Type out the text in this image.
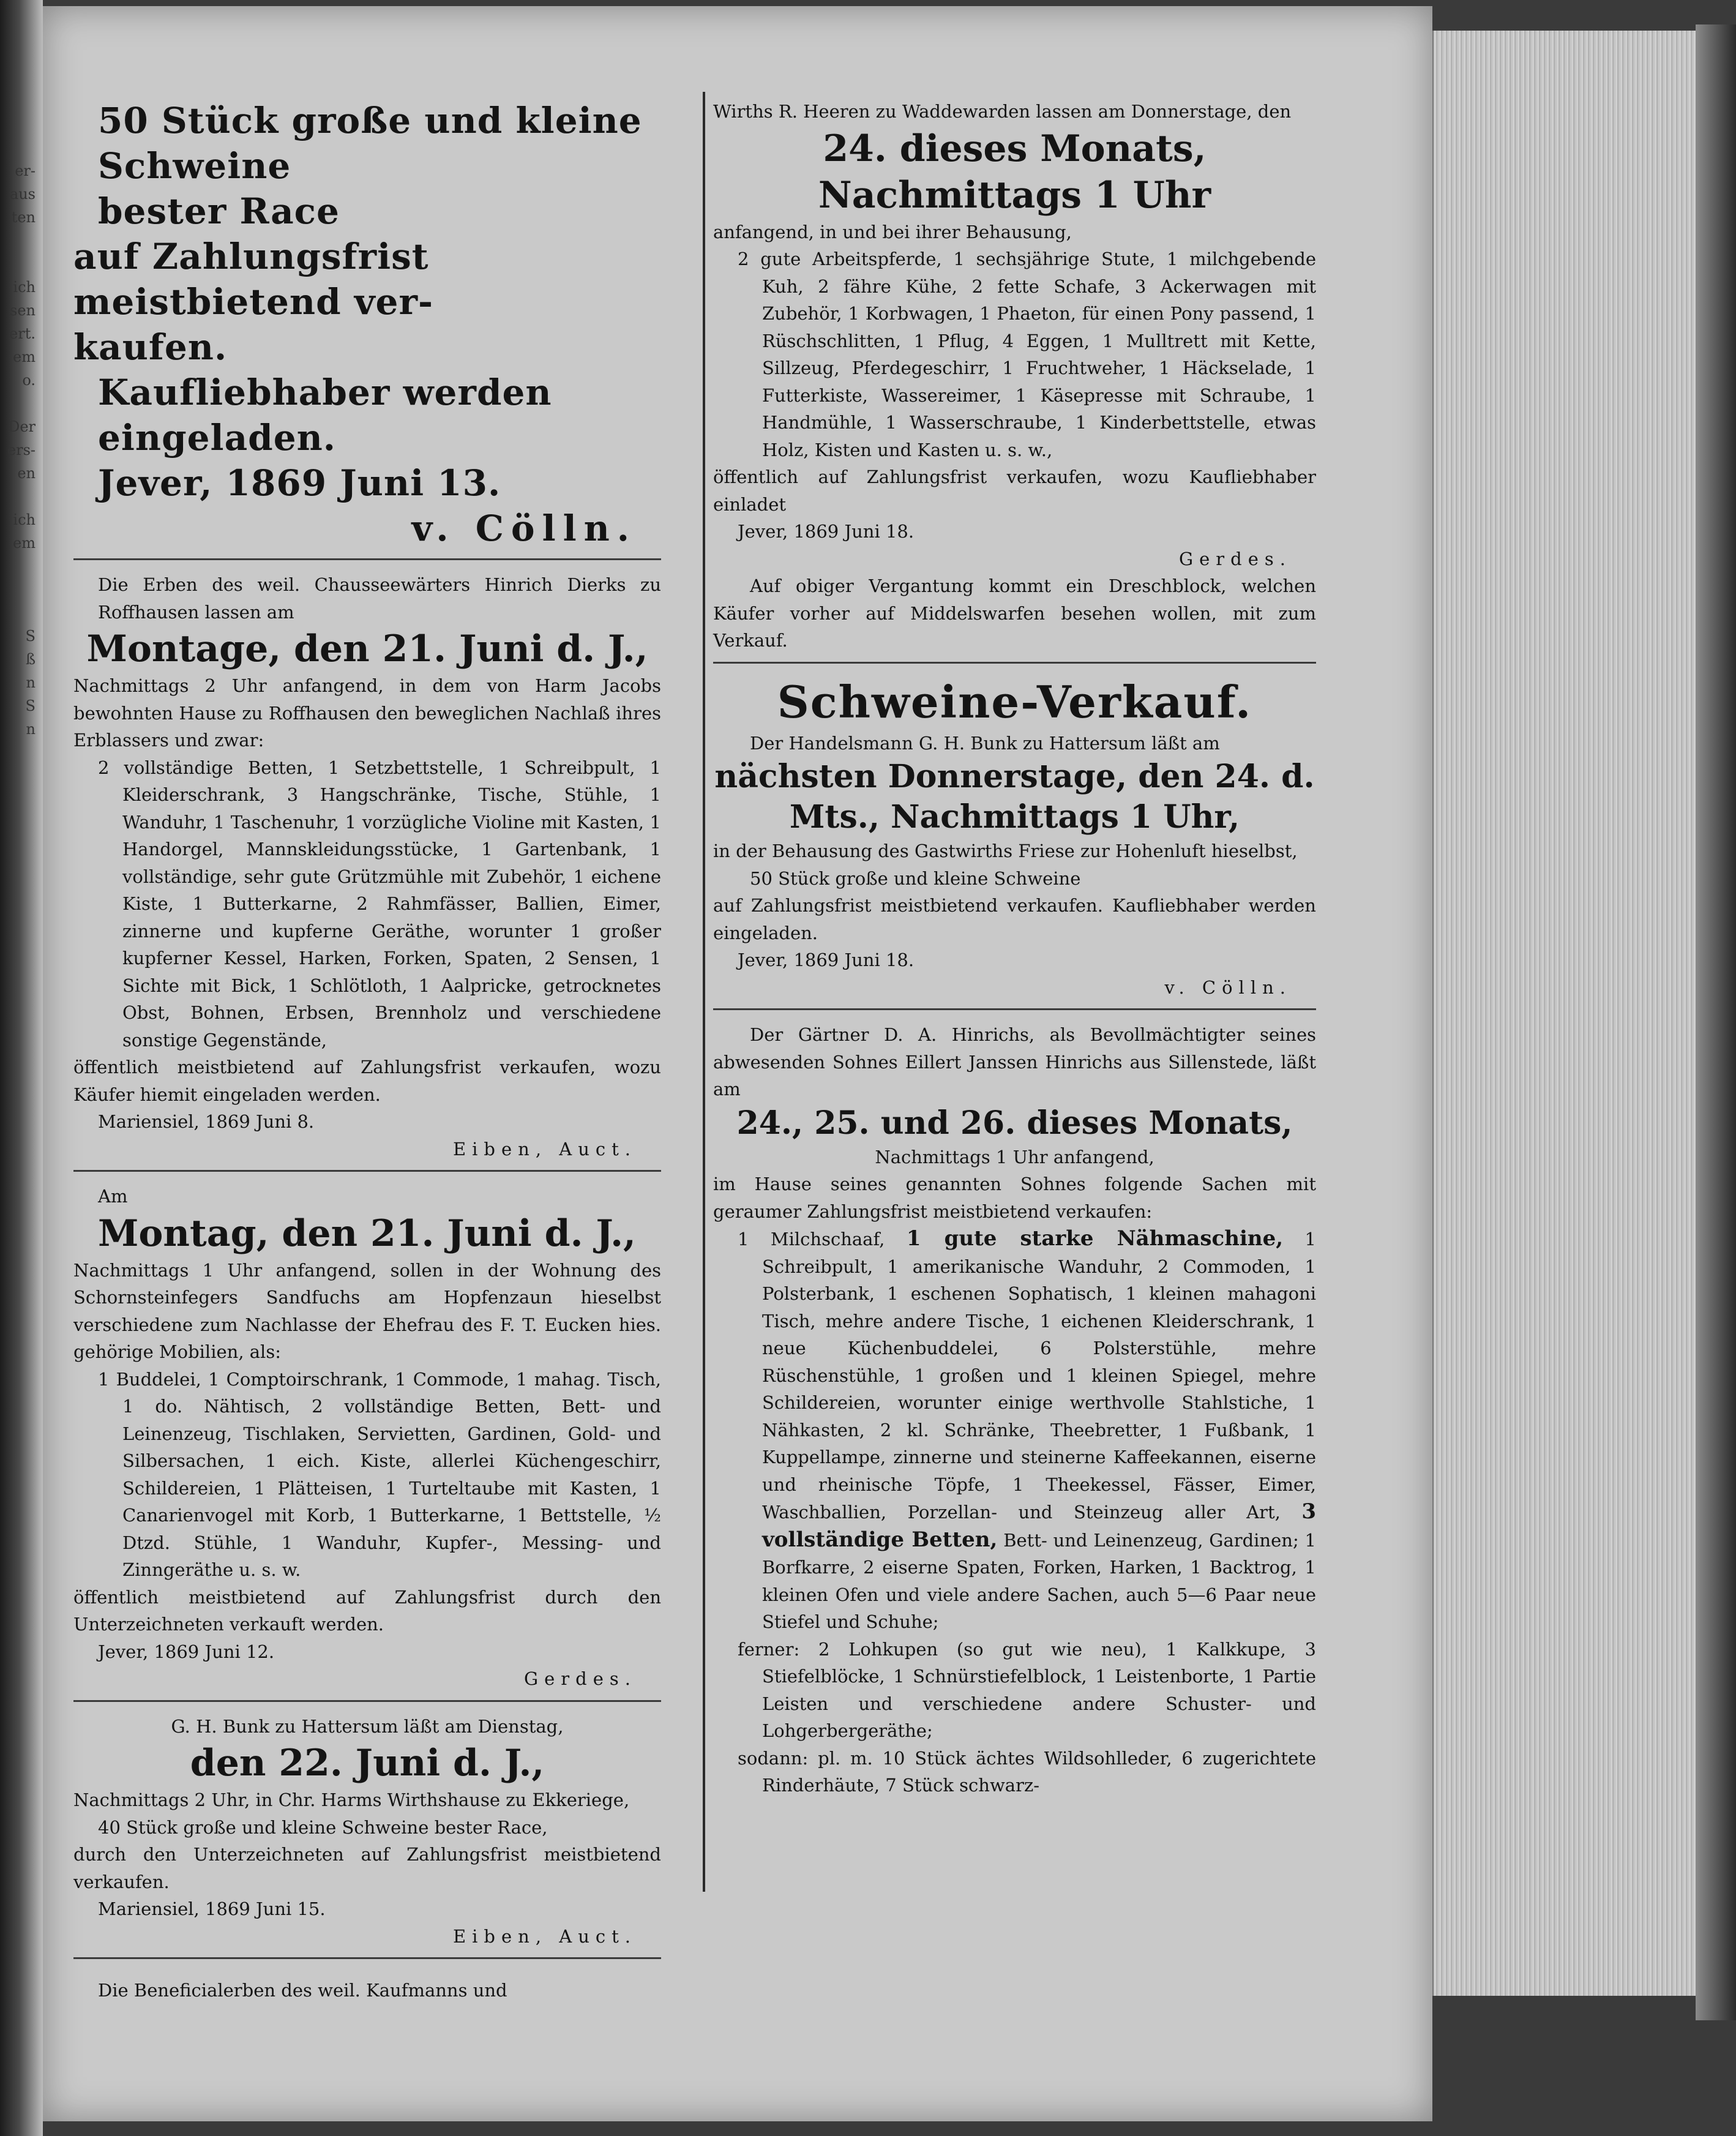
er-
aus
ten

ich
sen
ert.
em
o.

Der
ers-
en

ich
em

S
ß
n
S
n

50 Stück große und kleine Schweine

bester Race

auf Zahlungsfrist meistbietend ver-

kaufen.

Kaufliebhaber werden eingeladen.

Jever, 1869 Juni 13.

v. Cölln.

Die Erben des weil. Chausseewärters Hinrich Dierks zu Roffhausen lassen am

Montage, den 21. Juni d. J.,

Nachmittags 2 Uhr anfangend, in dem von Harm Jacobs bewohnten Hause zu Roffhausen den beweglichen Nachlaß ihres Erblassers und zwar:

2 vollständige Betten, 1 Setzbettstelle, 1 Schreibpult, 1 Kleiderschrank, 3 Hangschränke, Tische, Stühle, 1 Wanduhr, 1 Taschenuhr, 1 vorzügliche Violine mit Kasten, 1 Handorgel, Mannskleidungsstücke, 1 Gartenbank, 1 vollständige, sehr gute Grützmühle mit Zubehör, 1 eichene Kiste, 1 Butterkarne, 2 Rahmfässer, Ballien, Eimer, zinnerne und kupferne Geräthe, worunter 1 großer kupferner Kessel, Harken, Forken, Spaten, 2 Sensen, 1 Sichte mit Bick, 1 Schlötloth, 1 Aalpricke, getrocknetes Obst, Bohnen, Erbsen, Brennholz und verschiedene sonstige Gegenstände,

öffentlich meistbietend auf Zahlungsfrist verkaufen, wozu Käufer hiemit eingeladen werden.

Mariensiel, 1869 Juni 8.

Eiben, Auct.

Am

Montag, den 21. Juni d. J.,

Nachmittags 1 Uhr anfangend, sollen in der Wohnung des Schornsteinfegers Sandfuchs am Hopfenzaun hieselbst verschiedene zum Nachlasse der Ehefrau des F. T. Eucken hies. gehörige Mobilien, als:

1 Buddelei, 1 Comptoirschrank, 1 Commode, 1 mahag. Tisch, 1 do. Nähtisch, 2 vollständige Betten, Bett- und Leinenzeug, Tischlaken, Servietten, Gardinen, Gold- und Silbersachen, 1 eich. Kiste, allerlei Küchengeschirr, Schildereien, 1 Plätteisen, 1 Turteltaube mit Kasten, 1 Canarienvogel mit Korb, 1 Butterkarne, 1 Bettstelle, ½ Dtzd. Stühle, 1 Wanduhr, Kupfer-, Messing- und Zinngeräthe u. s. w.

öffentlich meistbietend auf Zahlungsfrist durch den Unterzeichneten verkauft werden.

Jever, 1869 Juni 12.

Gerdes.

G. H. Bunk zu Hattersum läßt am Dienstag,

den 22. Juni d. J.,

Nachmittags 2 Uhr, in Chr. Harms Wirthshause zu Ekkeriege,

40 Stück große und kleine Schweine bester Race,

durch den Unterzeichneten auf Zahlungsfrist meistbietend verkaufen.

Mariensiel, 1869 Juni 15.

Eiben, Auct.

Die Beneficialerben des weil. Kaufmanns und

Wirths R. Heeren zu Waddewarden lassen am Donnerstage, den

24. dieses Monats,

Nachmittags 1 Uhr

anfangend, in und bei ihrer Behausung,

2 gute Arbeitspferde, 1 sechsjährige Stute, 1 milchgebende Kuh, 2 fähre Kühe, 2 fette Schafe, 3 Ackerwagen mit Zubehör, 1 Korbwagen, 1 Phaeton, für einen Pony passend, 1 Rüschschlitten, 1 Pflug, 4 Eggen, 1 Mulltrett mit Kette, Sillzeug, Pferdegeschirr, 1 Fruchtweher, 1 Häckselade, 1 Futterkiste, Wassereimer, 1 Käsepresse mit Schraube, 1 Handmühle, 1 Wasserschraube, 1 Kinderbettstelle, etwas Holz, Kisten und Kasten u. s. w.,

öffentlich auf Zahlungsfrist verkaufen, wozu Kaufliebhaber einladet

Jever, 1869 Juni 18.

Gerdes.

Auf obiger Vergantung kommt ein Dreschblock, welchen Käufer vorher auf Middelswarfen besehen wollen, mit zum Verkauf.

Schweine-Verkauf.

Der Handelsmann G. H. Bunk zu Hattersum läßt am

nächsten Donnerstage, den 24. d. Mts., Nachmittags 1 Uhr,

in der Behausung des Gastwirths Friese zur Hohenluft hieselbst,

50 Stück große und kleine Schweine

auf Zahlungsfrist meistbietend verkaufen. Kaufliebhaber werden eingeladen.

Jever, 1869 Juni 18.

v. Cölln.

Der Gärtner D. A. Hinrichs, als Bevollmächtigter seines abwesenden Sohnes Eillert Janssen Hinrichs aus Sillenstede, läßt am

24., 25. und 26. dieses Monats,

Nachmittags 1 Uhr anfangend,

im Hause seines genannten Sohnes folgende Sachen mit geraumer Zahlungsfrist meistbietend verkaufen:

1 Milchschaaf, 1 gute starke Nähmaschine, 1 Schreibpult, 1 amerikanische Wanduhr, 2 Commoden, 1 Polsterbank, 1 eschenen Sophatisch, 1 kleinen mahagoni Tisch, mehre andere Tische, 1 eichenen Kleiderschrank, 1 neue Küchenbuddelei, 6 Polsterstühle, mehre Rüschenstühle, 1 großen und 1 kleinen Spiegel, mehre Schildereien, worunter einige werthvolle Stahlstiche, 1 Nähkasten, 2 kl. Schränke, Theebretter, 1 Fußbank, 1 Kuppellampe, zinnerne und steinerne Kaffeekannen, eiserne und rheinische Töpfe, 1 Theekessel, Fässer, Eimer, Waschballien, Porzellan- und Steinzeug aller Art, 3 vollständige Betten, Bett- und Leinenzeug, Gardinen; 1 Borfkarre, 2 eiserne Spaten, Forken, Harken, 1 Backtrog, 1 kleinen Ofen und viele andere Sachen, auch 5—6 Paar neue Stiefel und Schuhe;

ferner: 2 Lohkupen (so gut wie neu), 1 Kalkkupe, 3 Stiefelblöcke, 1 Schnürstiefelblock, 1 Leistenborte, 1 Partie Leisten und verschiedene andere Schuster- und Lohgerbergeräthe;

sodann: pl. m. 10 Stück ächtes Wildsohlleder, 6 zugerichtete Rinderhäute, 7 Stück schwarz-
